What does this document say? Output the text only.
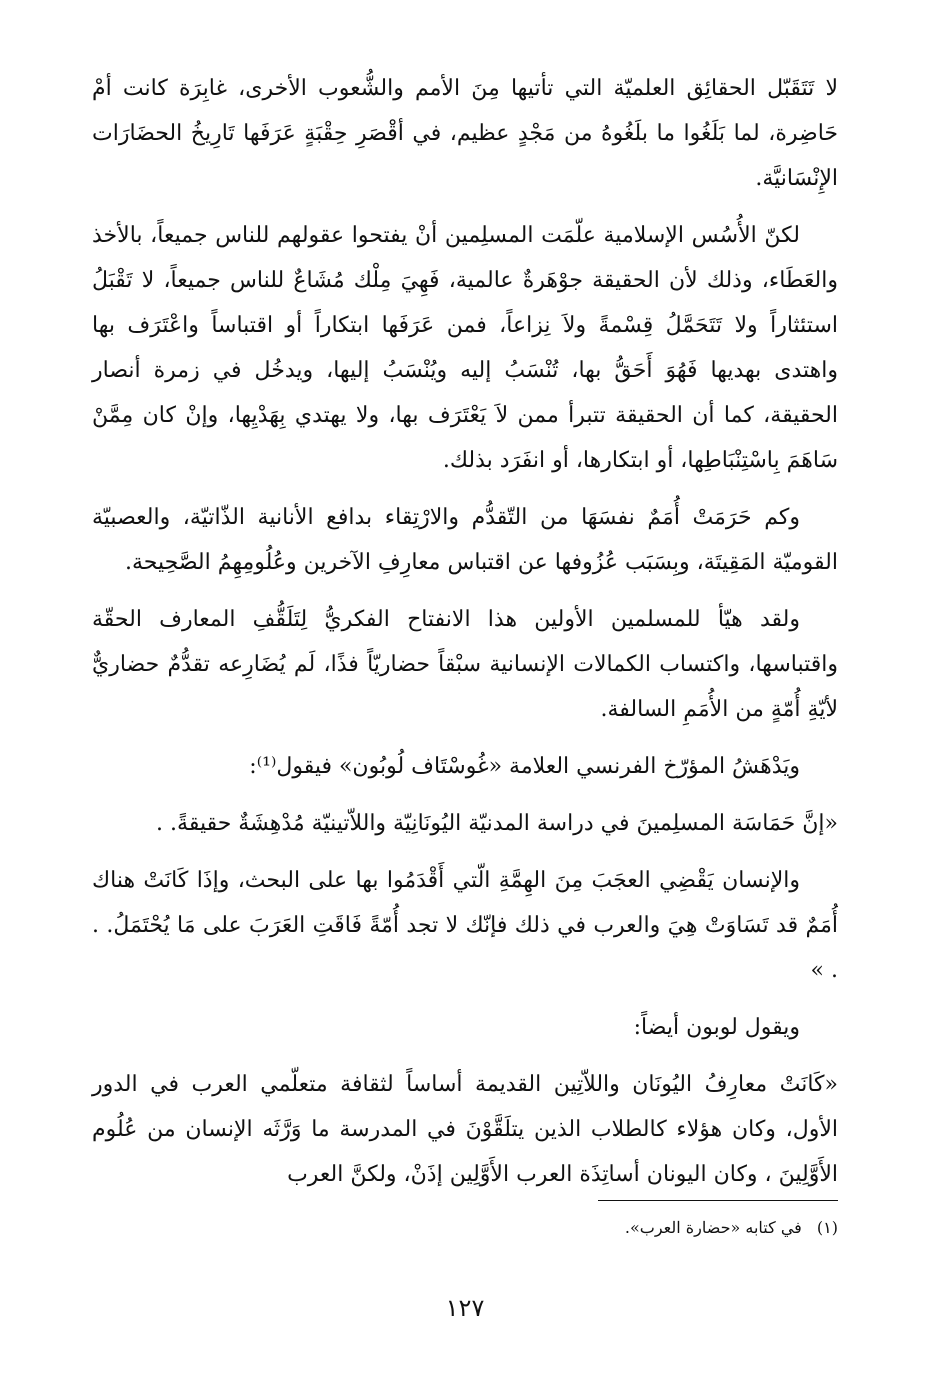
لا تَتَقَبّل الحقائِق العلميّة التي تأتيها مِنَ الأمم والشُّعوب الأخرى، غابِرَة كانت أمْ حَاضِرة، لما بَلَغُوا ما بلَغُوهُ من مَجْدٍ عظيم، في أقْصَرِ حِقْبَةٍ عَرَفَها تَارِيخُ الحضَارَات الإِنْسَانيَّة.

لكنّ الأُسُس الإسلامية علّمَت المسلِمين أنْ يفتحوا عقولهم للناس جميعاً، بالأخذ والعَطَاء، وذلك لأن الحقيقة جوْهَرةٌ عالمية، فَهِيَ مِلْك مُشَاعٌ للناس جميعاً، لا تَقْبَلُ استئثاراً ولا تَتَحَمَّلُ قِسْمةً ولاَ نِزاعاً، فمن عَرَفَها ابتكاراً أو اقتباساً واعْتَرَف بها واهتدى بهديها فَهُوَ أَحَقُّ بها، تُنْسَبُ إليه ويُنْسَبُ إليها، ويدخُل في زمرة أنصار الحقيقة، كما أن الحقيقة تتبرأ ممن لاَ يَعْتَرَف بها، ولا يهتدي بِهَدْيِها، وإنْ كان مِمَّنْ سَاهَمَ بِاسْتِنْبَاطِها، أو ابتكارها، أو انفَرَد بذلك.

وكم حَرَمَتْ أُمَمٌ نفسَهَا من التّقدُّم والارْتِقاء بدافع الأنانية الذّاتيّة، والعصبيّة القوميّة المَقِيتَة، وبِسَبَب عُزُوفها عن اقتباس معارِفِ الآخرين وعُلُومِهِمُ الصَّحِيحة.

ولقد هيّأ للمسلمين الأولين هذا الانفتاح الفكريُّ لِتَلَقُّفِ المعارف الحقّة واقتباسها، واكتساب الكمالات الإنسانية سبْقاً حضاريّاً فذًا، لَم يُضَارِعه تقدُّمٌ حضاريٌّ لأيّةِ أُمّةٍ من الأُمَمِ السالفة.

ويَدْهَشُ المؤرّخ الفرنسي العلامة «غُوسْتَاف لُوبُون» فيقول⁽¹⁾:

«إنَّ حَمَاسَة المسلِمينَ في دراسة المدنيّة اليُونَانِيّة واللاّتينيّة مُدْهِشَةٌ حقيقةً. .

والإنسان يَقْضِي العجَبَ مِنَ الهِمَّةِ الّتي أَقْدَمُوا بها على البحث، وإذَا كَانَتْ هناك أُمَمٌ قد تَسَاوَتْ هِيَ والعرب في ذلك فإنّك لا تجد أُمّةً فَاقَتِ العَرَبَ على مَا يُحْتَمَلُ. . . »

ويقول لوبون أيضاً:

«كَانَتْ معارِفُ اليُونَان واللاّتِين القديمة أساساً لثقافة متعلّمي العرب في الدور الأول، وكان هؤلاء كالطلاب الذين يتلَقَّوْنَ في المدرسة ما وَرَّثَه الإنسان من عُلُوم الأَوَّلِينَ ، وكان اليونان أساتِذَة العرب الأَوَّلِين إذَنْ، ولكنَّ العرب

(١) في كتابه «حضارة العرب».
١٢٧
